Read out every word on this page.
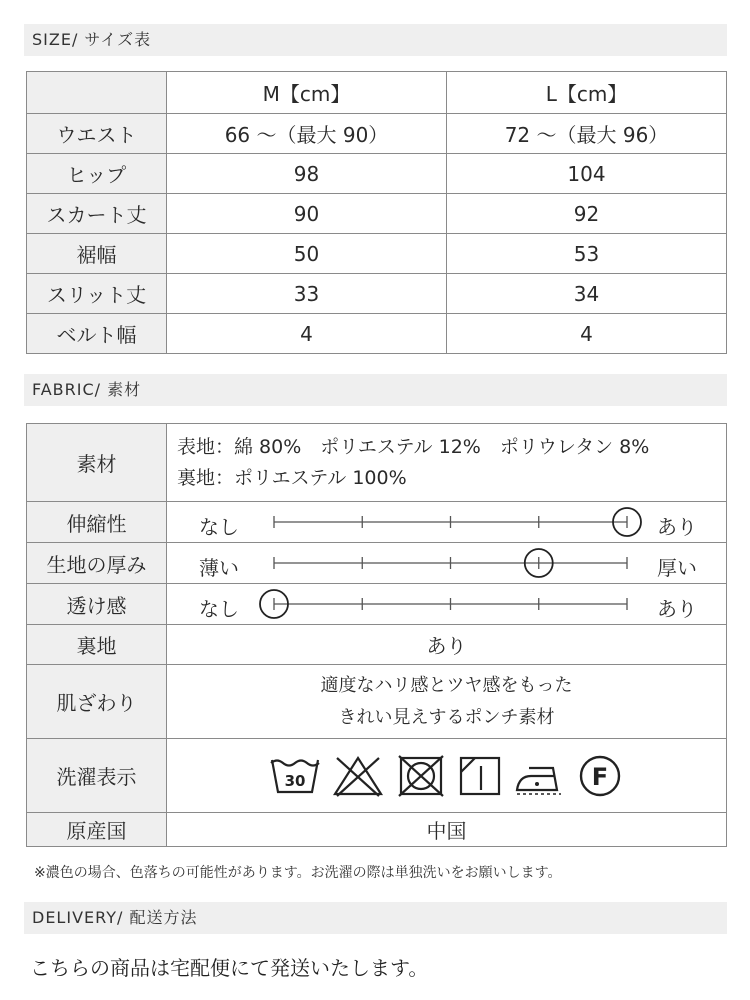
SIZE/ サイズ表
	M【cm】	L【cm】
ウエスト	66 ～（最大 90）	72 ～（最大 96）
ヒップ	98	104
スカート丈	90	92
裾幅	50	53
スリット丈	33	34
ベルト幅	4	4
FABRIC/ 素材
素材	表地：綿 80%　ポリエステル 12%　ポリウレタン 8%
裏地：ポリエステル 100%

伸縮性	なし あり

生地の厚み	薄い 厚い

透け感	なし あり

裏地	あり
肌ざわり	適度なハリ感とツヤ感をもった
きれい見えするポンチ素材

洗濯表示	30 F

原産国	中国
※濃色の場合、色落ちの可能性があります。お洗濯の際は単独洗いをお願いします。
DELIVERY/ 配送方法
こちらの商品は宅配便にて発送いたします。
